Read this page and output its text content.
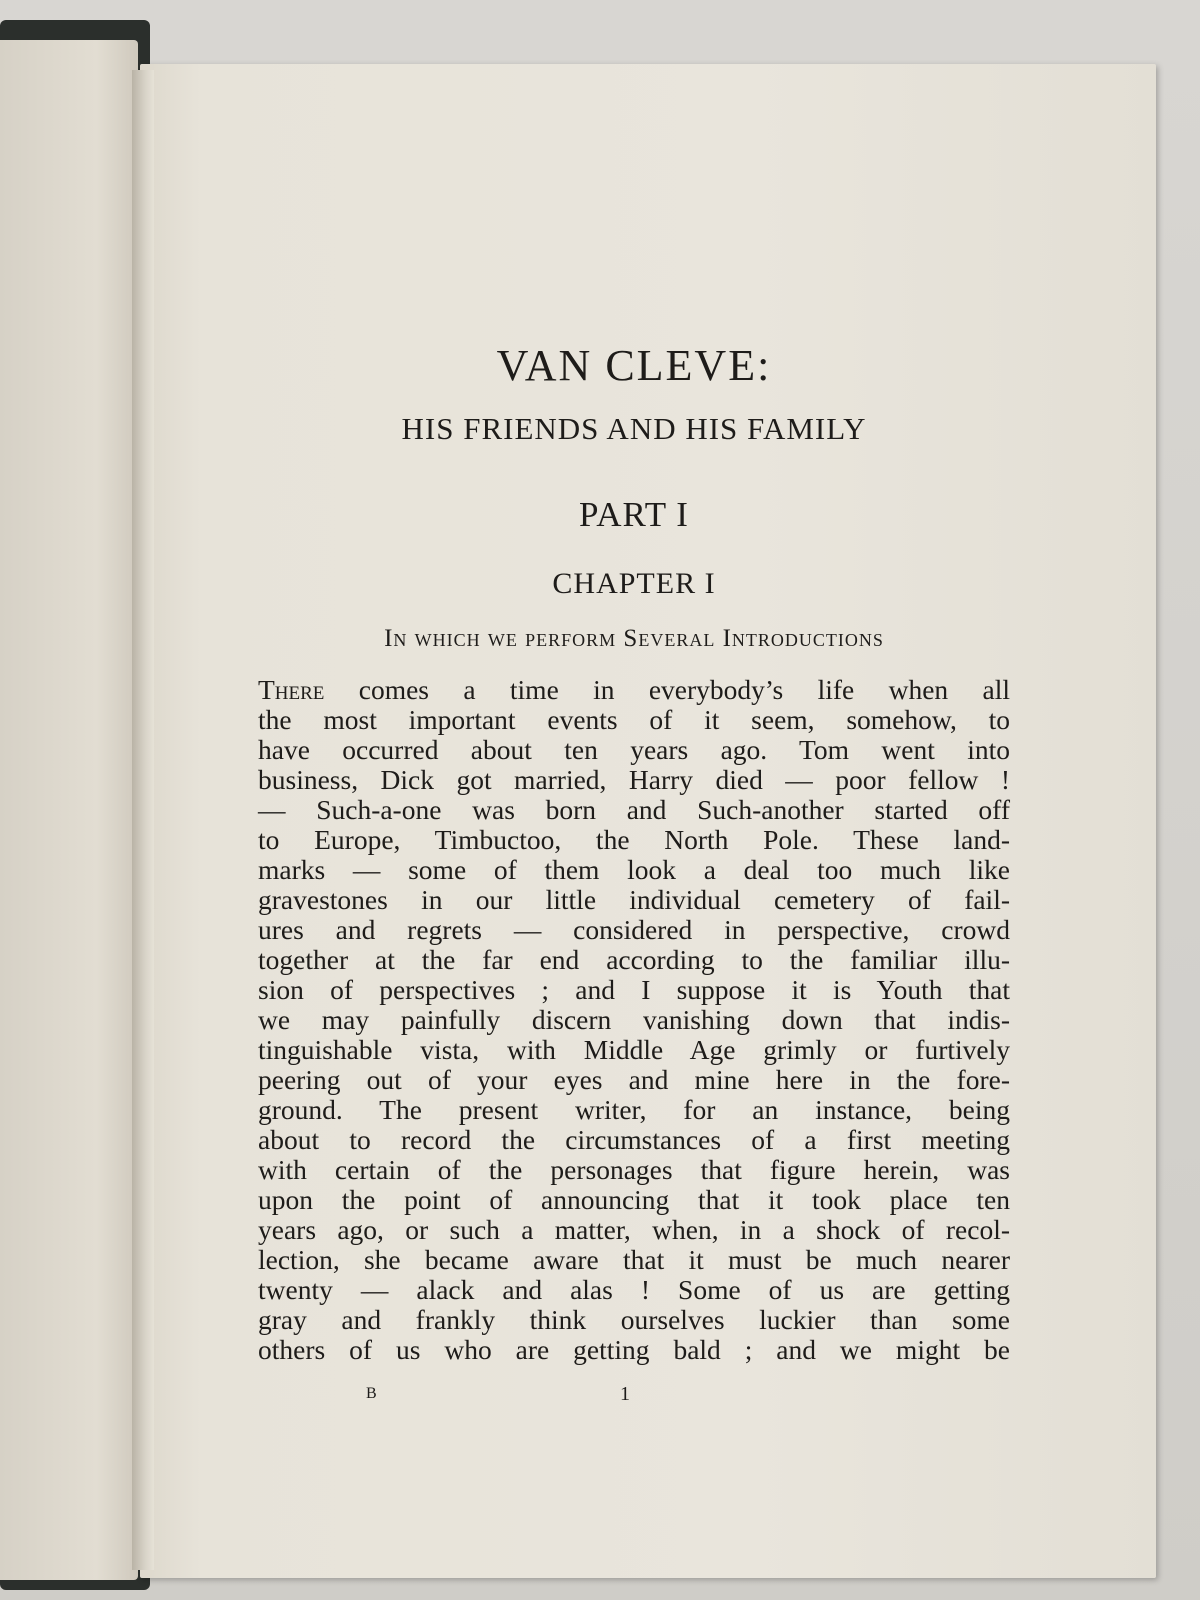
VAN CLEVE:
HIS FRIENDS AND HIS FAMILY
PART I
CHAPTER I
In which we perform Several Introductions
There comes a time in everybody’s life when all
the most important events of it seem, somehow, to
have occurred about ten years ago. Tom went into
business, Dick got married, Harry died — poor fellow !
— Such-a-one was born and Such-another started off
to Europe, Timbuctoo, the North Pole. These land-
marks — some of them look a deal too much like
gravestones in our little individual cemetery of fail-
ures and regrets — considered in perspective, crowd
together at the far end according to the familiar illu-
sion of perspectives ; and I suppose it is Youth that
we may painfully discern vanishing down that indis-
tinguishable vista, with Middle Age grimly or furtively
peering out of your eyes and mine here in the fore-
ground. The present writer, for an instance, being
about to record the circumstances of a first meeting
with certain of the personages that figure herein, was
upon the point of announcing that it took place ten
years ago, or such a matter, when, in a shock of recol-
lection, she became aware that it must be much nearer
twenty — alack and alas ! Some of us are getting
gray and frankly think ourselves luckier than some
others of us who are getting bald ; and we might be
B	1
